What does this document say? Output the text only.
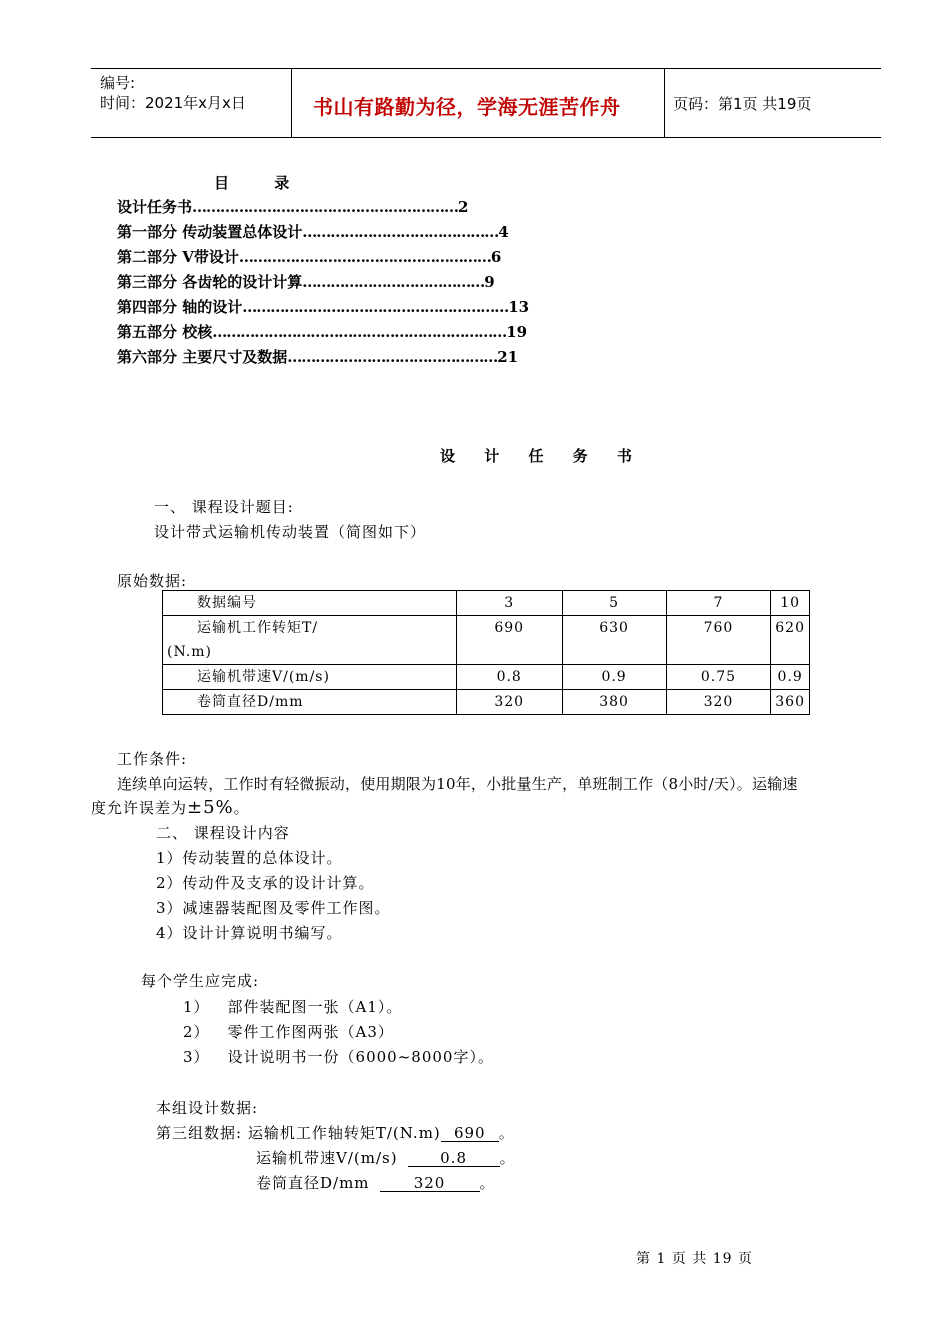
编号:
时间：2021年x月x日	书山有路勤为径，学海无涯苦作舟	页码：第1页 共19页
目 录
设计任务书…………………………………………………2
第一部分 传动装置总体设计……………………………………4
第二部分 V带设计………………………………………………6
第三部分 各齿轮的设计计算…………………………………9
第四部分 轴的设计…………………………………………………13
第五部分 校核………………………………………………………19
第六部分 主要尺寸及数据………………………………………21
设 计 任 务 书
一、 课程设计题目:
设计带式运输机传动装置（简图如下）
原始数据:
数据编号	3	5	7	10

运输机工作转矩T/
(N.m)	690	630	760	620
运输机带速V/(m/s)	0.8	0.9	0.75	0.9
卷筒直径D/mm	320	380	320	360
工作条件:
连续单向运转，工作时有轻微振动，使用期限为10年，小批量生产，单班制工作（8小时/天）。运输速
度允许误差为±5%。
二、 课程设计内容
1）传动装置的总体设计。
2）传动件及支承的设计计算。
3）减速器装配图及零件工作图。
4）设计计算说明书编写。
每个学生应完成:
1） 部件装配图一张（A1）。
2） 零件工作图两张（A3）
3） 设计说明书一份（6000~8000字）。
本组设计数据:
第三组数据: 运输机工作轴转矩T/(N.m) 690 。
运输机带速V/(m/s)	0.8 。
卷筒直径D/mm	320 。
第 1 页 共 19 页
